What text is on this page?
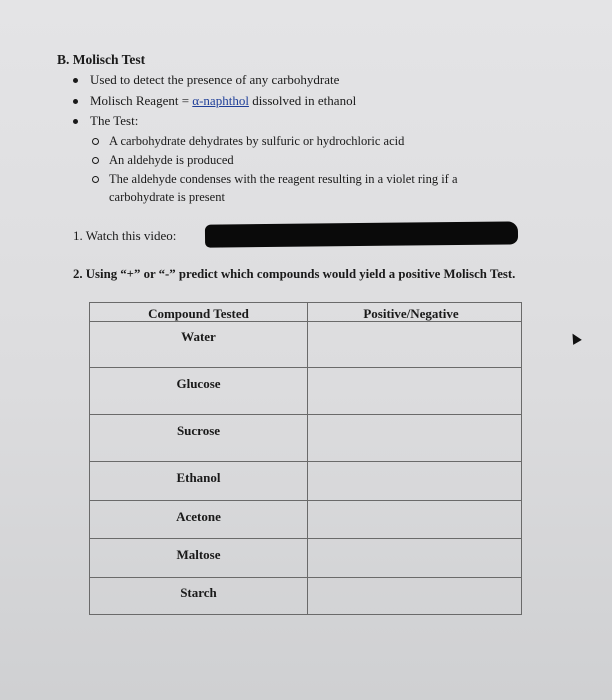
B. Molisch Test
Used to detect the presence of any carbohydrate
Molisch Reagent = α-naphthol dissolved in ethanol
The Test:
A carbohydrate dehydrates by sulfuric or hydrochloric acid
An aldehyde is produced
The aldehyde condenses with the reagent resulting in a violet ring if a
carbohydrate is present
1. Watch this video:
2. Using “+” or “-” predict which compounds would yield a positive Molisch Test.
Compound Tested	Positive/Negative
Water
Glucose
Sucrose
Ethanol
Acetone
Maltose
Starch
